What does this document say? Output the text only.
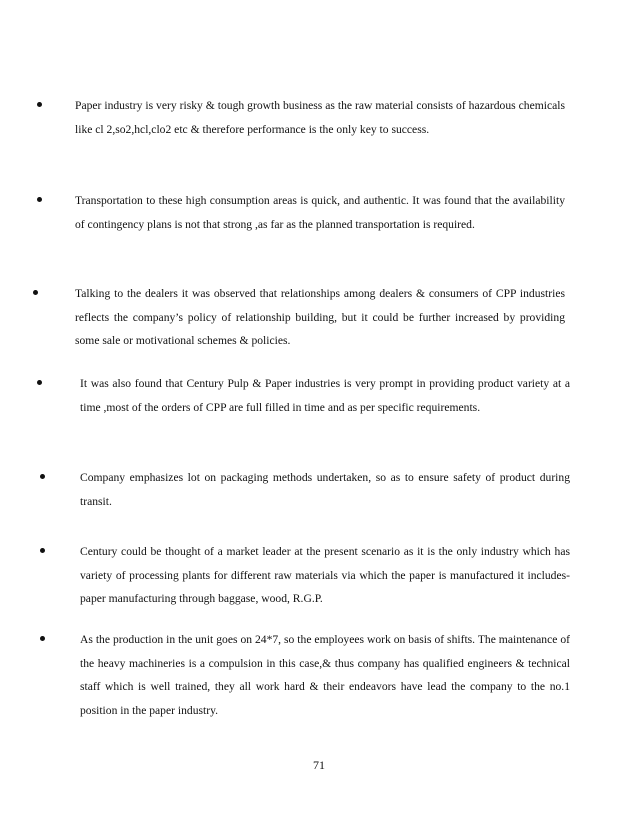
Paper industry is very risky & tough growth business as the raw material consists of hazardous chemicals like cl 2,so2,hcl,clo2 etc & therefore performance is the only key to success.
Transportation to these high consumption areas is quick, and authentic. It was found that the availability of contingency plans is not that strong ,as far as the planned transportation is required.
Talking to the dealers it was observed that relationships among dealers & consumers of CPP industries reflects the company’s policy of relationship building, but it could be further increased by providing some sale or motivational schemes & policies.
It was also found that Century Pulp & Paper industries is very prompt in providing product variety at a time ,most of the orders of CPP are full filled in time and as per specific requirements.
Company emphasizes lot on packaging methods undertaken, so as to ensure safety of product during transit.
Century could be thought of a market leader at the present scenario as it is the only industry which has variety of processing plants for different raw materials via which the paper is manufactured it includes- paper manufacturing through baggase, wood, R.G.P.
As the production in the unit goes on 24*7, so the employees work on basis of shifts. The maintenance of the heavy machineries is a compulsion in this case,& thus company has qualified engineers & technical staff which is well trained, they all work hard & their endeavors have lead the company to the no.1 position in the paper industry.
71
